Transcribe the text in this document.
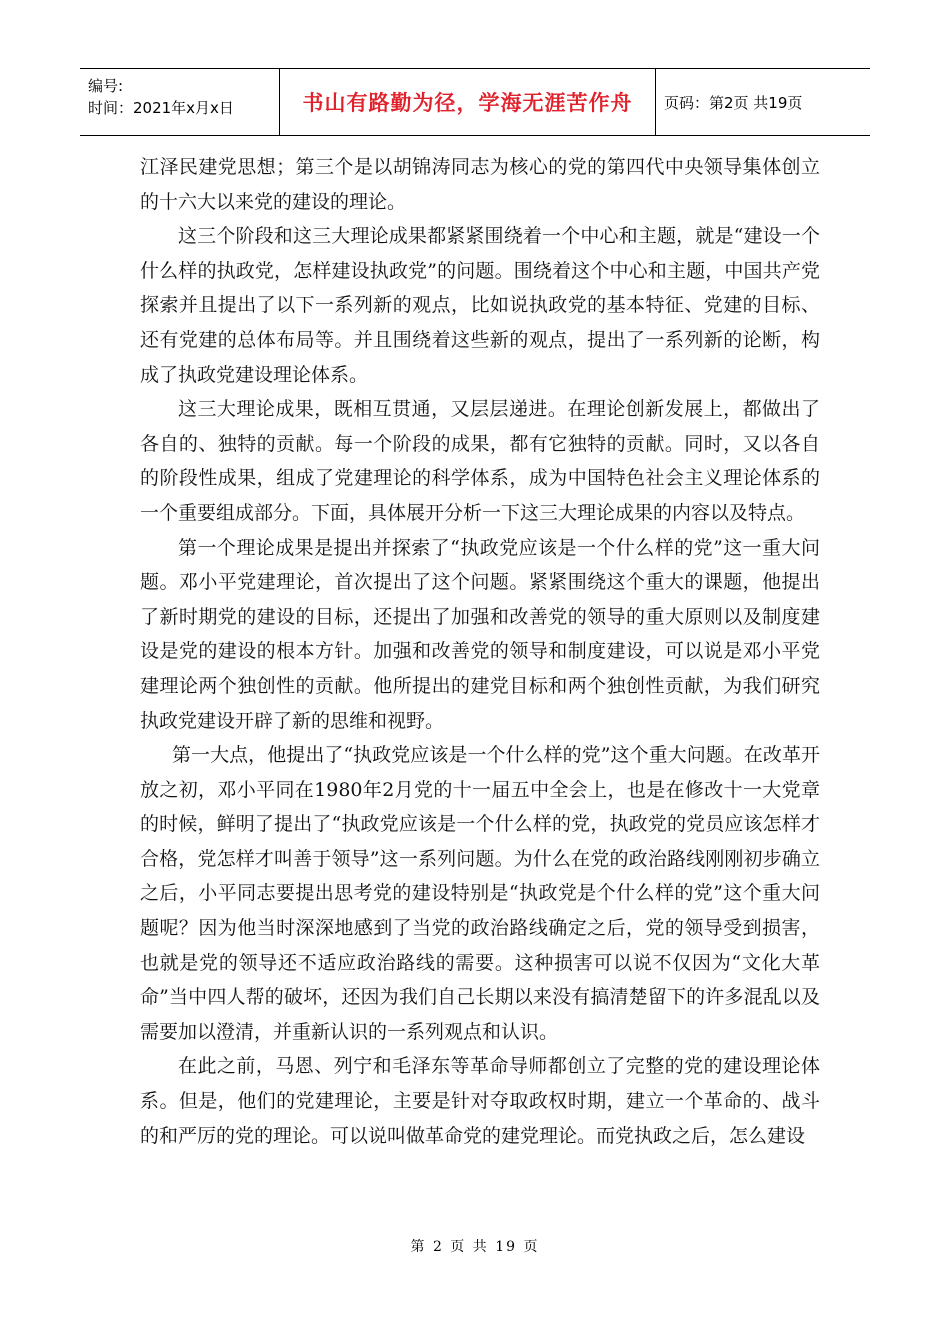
编号:
时间：2021年x月x日	书山有路勤为径，学海无涯苦作舟	页码：第2页 共19页

江泽民建党思想；第三个是以胡锦涛同志为核心的党的第四代中央领导集体创立的十六大以来党的建设的理论。

这三个阶段和这三大理论成果都紧紧围绕着一个中心和主题，就是“建设一个什么样的执政党，怎样建设执政党”的问题。围绕着这个中心和主题，中国共产党探索并且提出了以下一系列新的观点，比如说执政党的基本特征、党建的目标、还有党建的总体布局等。并且围绕着这些新的观点，提出了一系列新的论断，构成了执政党建设理论体系。

这三大理论成果，既相互贯通，又层层递进。在理论创新发展上，都做出了各自的、独特的贡献。每一个阶段的成果，都有它独特的贡献。同时，又以各自的阶段性成果，组成了党建理论的科学体系，成为中国特色社会主义理论体系的一个重要组成部分。下面，具体展开分析一下这三大理论成果的内容以及特点。

第一个理论成果是提出并探索了“执政党应该是一个什么样的党”这一重大问题。邓小平党建理论，首次提出了这个问题。紧紧围绕这个重大的课题，他提出了新时期党的建设的目标，还提出了加强和改善党的领导的重大原则以及制度建设是党的建设的根本方针。加强和改善党的领导和制度建设，可以说是邓小平党建理论两个独创性的贡献。他所提出的建党目标和两个独创性贡献，为我们研究执政党建设开辟了新的思维和视野。

第一大点，他提出了“执政党应该是一个什么样的党”这个重大问题。在改革开放之初，邓小平同在1980年2月党的十一届五中全会上，也是在修改十一大党章的时候，鲜明了提出了“执政党应该是一个什么样的党，执政党的党员应该怎样才合格，党怎样才叫善于领导”这一系列问题。为什么在党的政治路线刚刚初步确立之后，小平同志要提出思考党的建设特别是“执政党是个什么样的党”这个重大问题呢？因为他当时深深地感到了当党的政治路线确定之后，党的领导受到损害，也就是党的领导还不适应政治路线的需要。这种损害可以说不仅因为“文化大革命”当中四人帮的破坏，还因为我们自己长期以来没有搞清楚留下的许多混乱以及需要加以澄清，并重新认识的一系列观点和认识。

在此之前，马恩、列宁和毛泽东等革命导师都创立了完整的党的建设理论体系。但是，他们的党建理论，主要是针对夺取政权时期，建立一个革命的、战斗的和严厉的党的理论。可以说叫做革命党的建党理论。而党执政之后，怎么建设

第 2 页 共 19 页
